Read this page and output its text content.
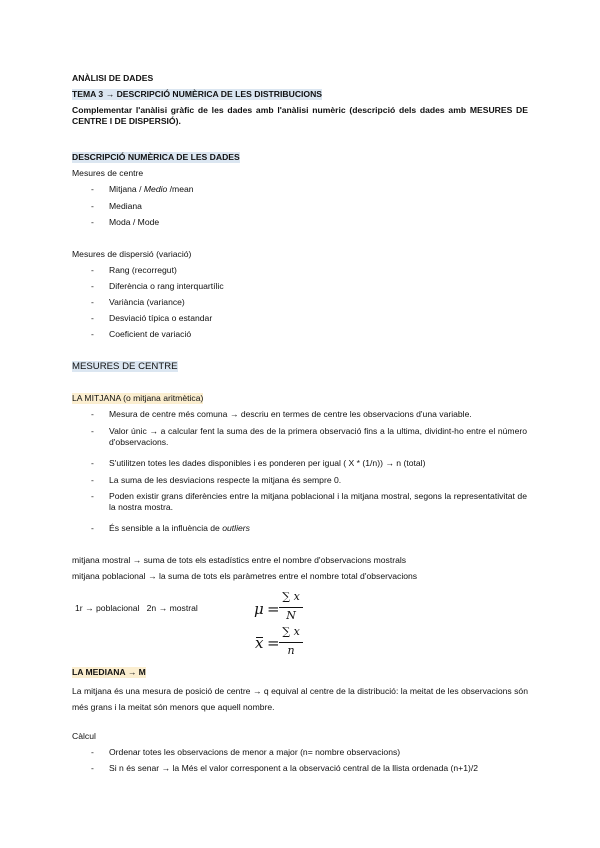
ANÀLISI DE DADES
TEMA 3 → DESCRIPCIÓ NUMÈRICA DE LES DISTRIBUCIONS
Complementar l'anàlisi gràfic de les dades amb l'anàlisi numèric (descripció dels dades amb MESURES DE CENTRE I DE DISPERSIÓ).
DESCRIPCIÓ NUMÈRICA DE LES DADES
Mesures de centre
- Mitjana / Medio /mean
- Mediana
- Moda / Mode
Mesures de dispersió (variació)
- Rang (recorregut)
- Diferència o rang interquartílic
- Variància (variance)
- Desviació típica o estandar
- Coeficient de variació
MESURES DE CENTRE
LA MITJANA (o mitjana aritmètica)
- Mesura de centre més comuna → descriu en termes de centre les observacions d'una variable.
- Valor únic → a calcular fent la suma des de la primera observació fins a la ultima, dividint-ho entre el número d'observacions.
- S'utilitzen totes les dades disponibles i es ponderen per igual ( X * (1/n)) → n (total)
- La suma de les desviacions respecte la mitjana és sempre 0.
- Poden existir grans diferències entre la mitjana poblacional i la mitjana mostral, segons la representativitat de la nostra mostra.
- És sensible a la influència de outliers
mitjana mostral → suma de tots els estadístics entre el nombre d'observacions mostrals
mitjana poblacional → la suma de tots els paràmetres entre el nombre total d'observacions
1r → poblacional   2n → mostral	μ =
∑ x
N
x =
∑ x
n
LA MEDIANA → M
La mitjana és una mesura de posició de centre → q equival al centre de la distribució: la meitat de les observacions són més grans i la meitat són menors que aquell nombre.
Càlcul
- Ordenar totes les observacions de menor a major (n= nombre observacions)
- Si n és senar → la Més el valor corresponent a la observació central de la llista ordenada (n+1)/2
